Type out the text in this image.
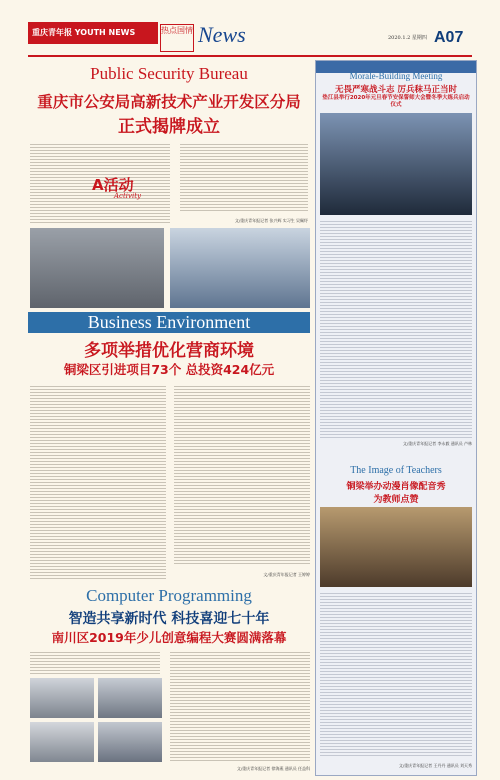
重庆青年报 YOUTH NEWS	热点国情 News	2020.1.2 星期四 A07
Public Security Bureau
重庆市公安局高新技术产业开发区分局
正式揭牌成立
A活动
Activity
文/重庆青年报记者 张兴辉 实习生 吴佩纾
Business Environment
多项举措优化营商环境
铜梁区引进项目73个 总投资424亿元
文/重庆青年报记者 王婷婷
Computer Programming
智造共享新时代 科技喜迎七十年
南川区2019年少儿创意编程大赛圆满落幕
文/重庆青年报记者 徐海燕 通讯员 任益科
Morale-Building Meeting
无畏严寒战斗志 厉兵秣马正当时
垫江县举行2020年元旦春节安保誓师大会暨冬季大练兵启动仪式
文/重庆青年报记者 李永毅 通讯员 卢林
The Image of Teachers
铜梁举办动漫肖像配音秀
为教师点赞
文/重庆青年报记者 王丹丹 通讯员 刘天秀
